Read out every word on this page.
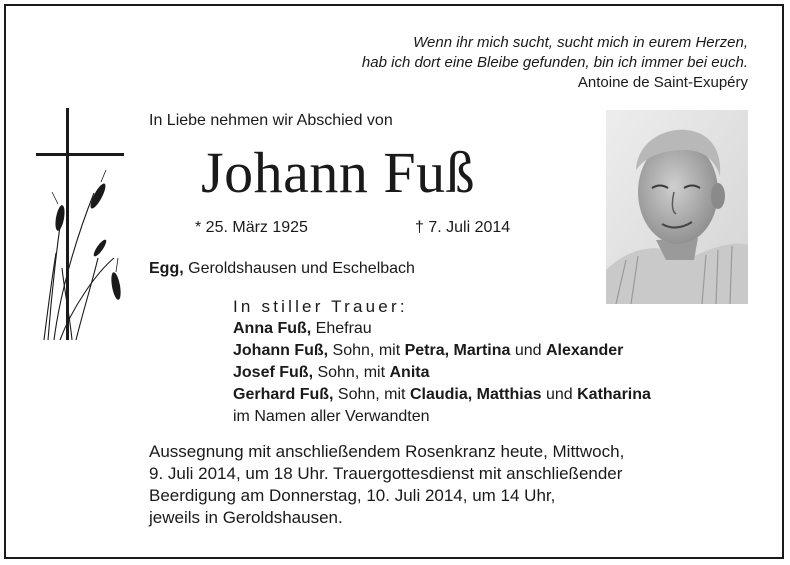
Wenn ihr mich sucht, sucht mich in eurem Herzen,
hab ich dort eine Bleibe gefunden, bin ich immer bei euch.
Antoine de Saint-Exupéry
In Liebe nehmen wir Abschied von
Johann Fuß
* 25. März 1925	† 7. Juli 2014
Egg, Geroldshausen und Eschelbach
In stiller Trauer:
Anna Fuß, Ehefrau
Johann Fuß, Sohn, mit Petra, Martina und Alexander
Josef Fuß, Sohn, mit Anita
Gerhard Fuß, Sohn, mit Claudia, Matthias und Katharina
im Namen aller Verwandten
Aussegnung mit anschließendem Rosenkranz heute, Mittwoch,
9. Juli 2014, um 18 Uhr. Trauergottesdienst mit anschließender
Beerdigung am Donnerstag, 10. Juli 2014, um 14 Uhr,
jeweils in Geroldshausen.
